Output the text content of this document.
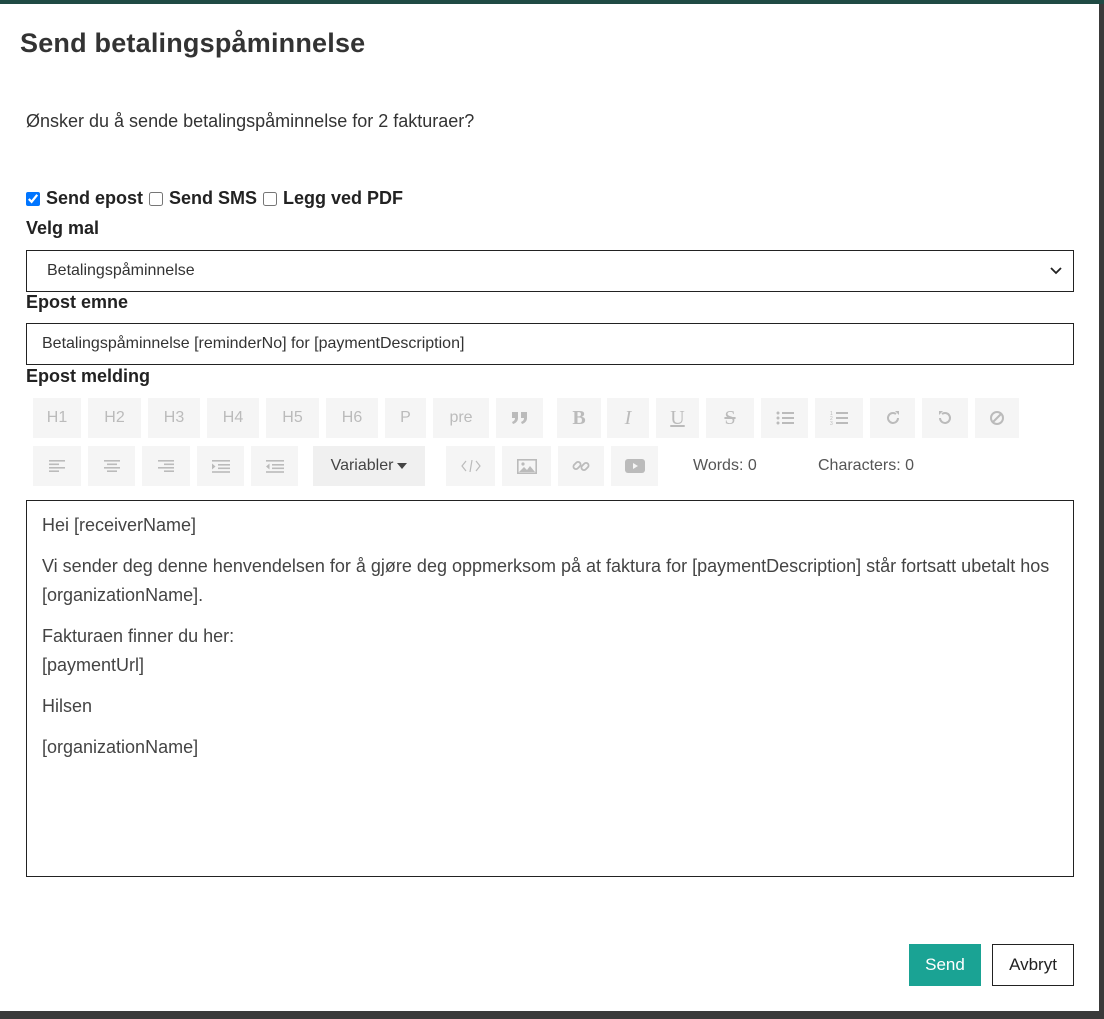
Send betalingspåminnelse
Ønsker du å sende betalingspåminnelse for 2 fakturaer?
Send epost Send SMS Legg ved PDF
Velg mal
Betalingspåminnelse
Epost emne
Betalingspåminnelse [reminderNo] for [paymentDescription]
Epost melding
H1	H2	H3	H4	H5	H6	P	pre	B I U S	1
2
3
Variabler	Words: 0	Characters: 0

Hei [receiverName]

Vi sender deg denne henvendelsen for å gjøre deg oppmerksom på at faktura for [paymentDescription] står fortsatt ubetalt hos [organizationName].

Fakturaen finner du her:
[paymentUrl]

Hilsen

[organizationName]

Send	Avbryt
